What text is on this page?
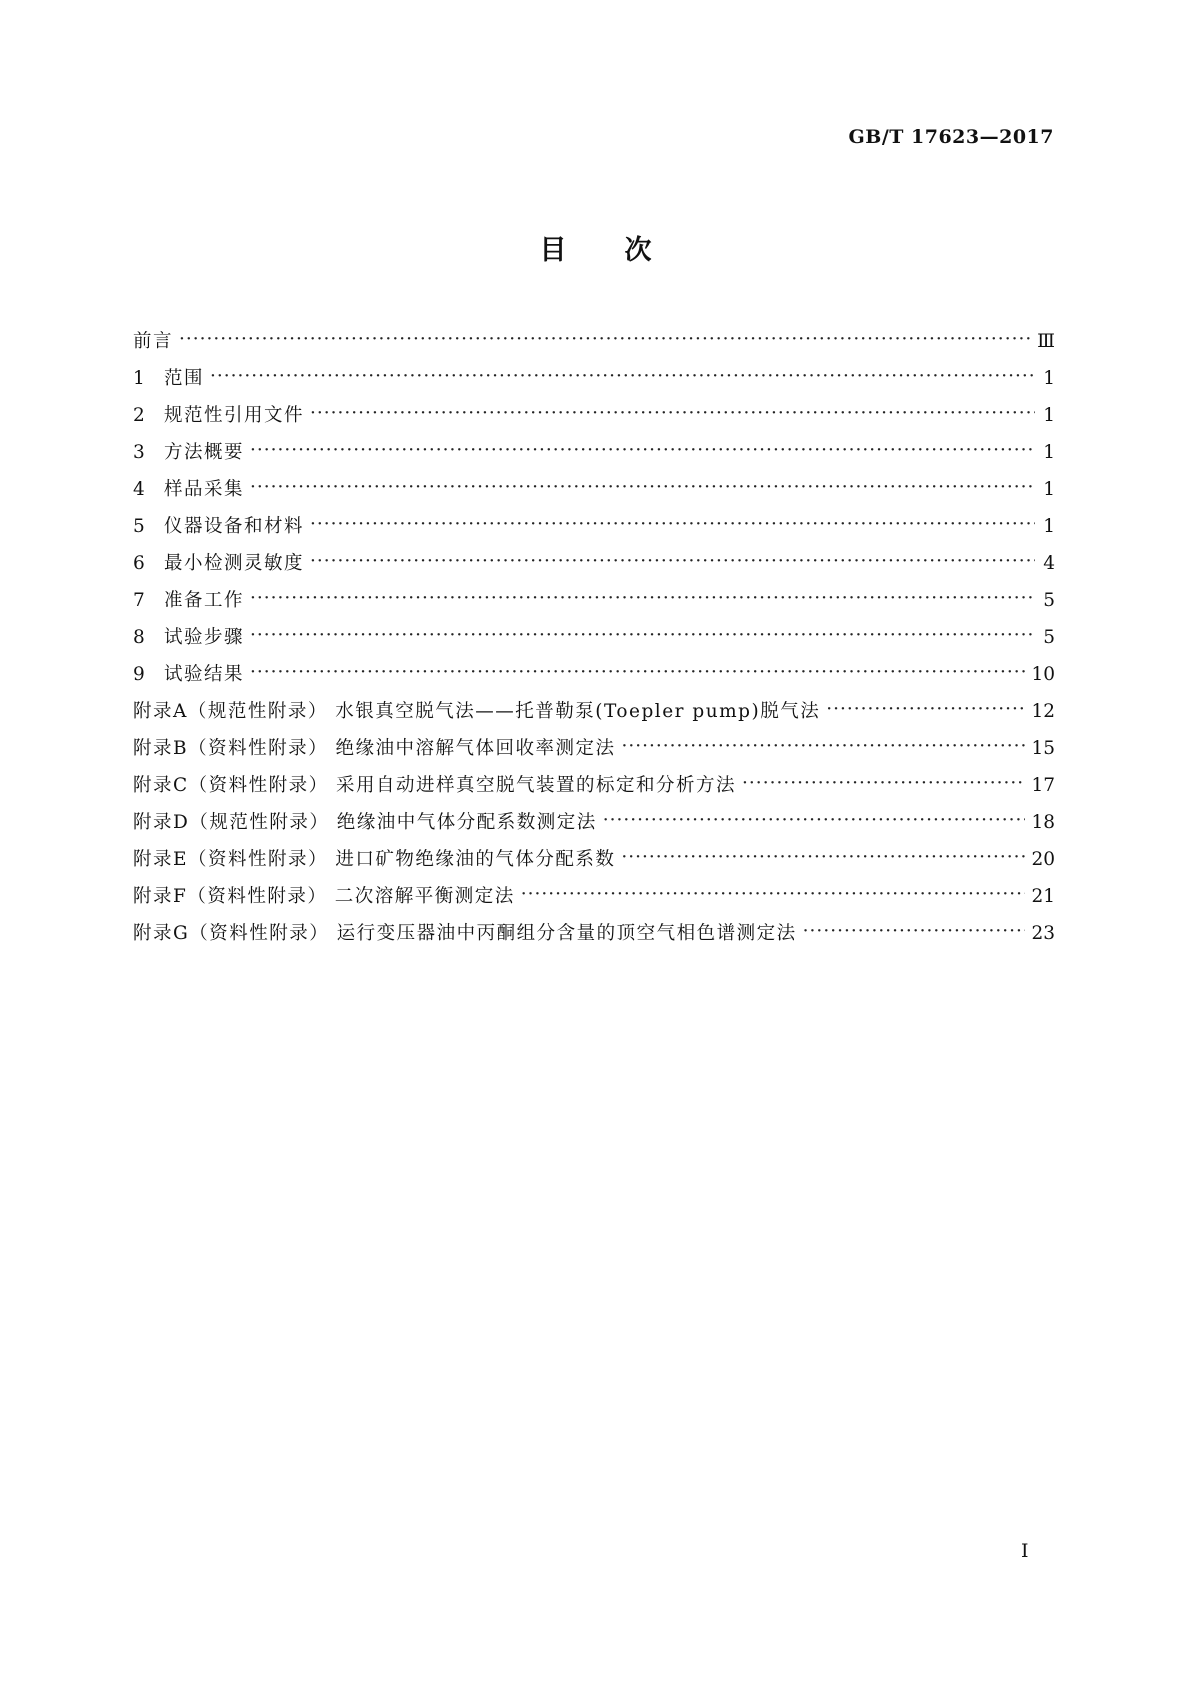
GB/T 17623—2017
目次
前言 ·····	Ⅲ
1 范围 ·····	1
2 规范性引用文件 ·····	1
3 方法概要 ·····	1
4 样品采集 ·····	1
5 仪器设备和材料 ·····	1
6 最小检测灵敏度 ·····	4
7 准备工作 ·····	5
8 试验步骤 ·····	5
9 试验结果 ·····	10
附录A（规范性附录） 水银真空脱气法——托普勒泵(Toepler pump)脱气法 ·····	12
附录B（资料性附录） 绝缘油中溶解气体回收率测定法 ·····	15
附录C（资料性附录） 采用自动进样真空脱气装置的标定和分析方法 ·····	17
附录D（规范性附录） 绝缘油中气体分配系数测定法 ·····	18
附录E（资料性附录） 进口矿物绝缘油的气体分配系数 ·····	20
附录F（资料性附录） 二次溶解平衡测定法 ·····	21
附录G（资料性附录） 运行变压器油中丙酮组分含量的顶空气相色谱测定法 ·····	23
I
